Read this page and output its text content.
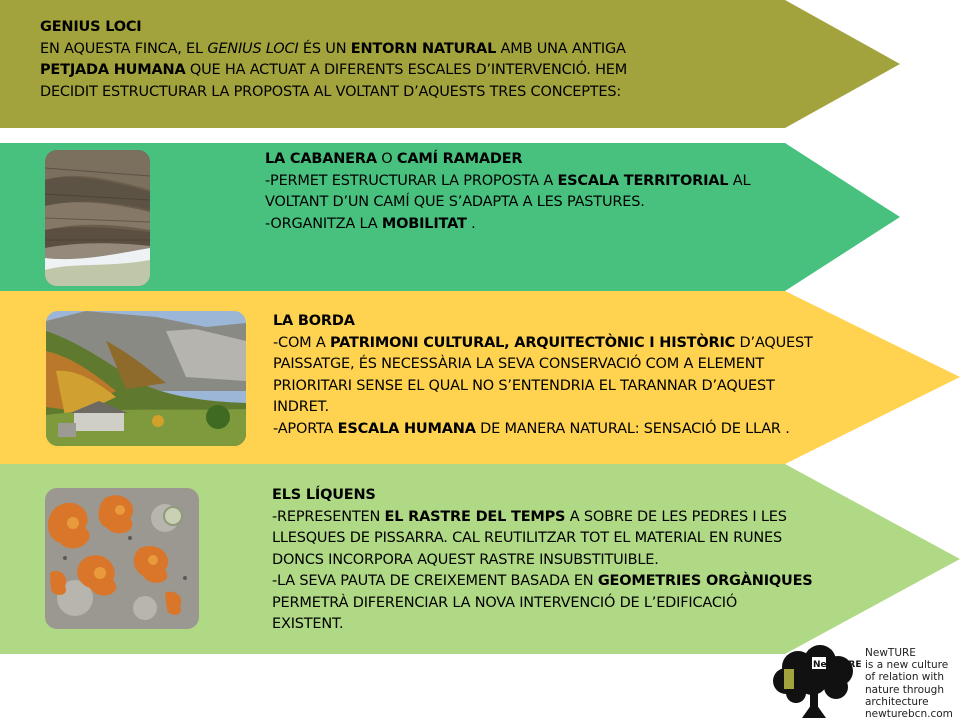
GENIUS LOCI
EN AQUESTA FINCA, EL GENIUS LOCI ÉS UN ENTORN NATURAL AMB UNA ANTIGA
PETJADA HUMANA QUE HA ACTUAT A DIFERENTS ESCALES D’INTERVENCIÓ. HEM
DECIDIT ESTRUCTURAR LA PROPOSTA AL VOLTANT D’AQUESTS TRES CONCEPTES:
LA CABANERA O CAMÍ RAMADER
-PERMET ESTRUCTURAR LA PROPOSTA A ESCALA TERRITORIAL AL
VOLTANT D’UN CAMÍ QUE S’ADAPTA A LES PASTURES.
-ORGANITZA LA MOBILITAT .
LA BORDA
-COM A PATRIMONI CULTURAL, ARQUITECTÒNIC I HISTÒRIC D’AQUEST
PAISSATGE, ÉS NECESSÀRIA LA SEVA CONSERVACIÓ COM A ELEMENT
PRIORITARI SENSE EL QUAL NO S’ENTENDRIA EL TARANNAR D’AQUEST
INDRET.
-APORTA ESCALA HUMANA DE MANERA NATURAL: SENSACIÓ DE LLAR .
ELS LÍQUENS
-REPRESENTEN EL RASTRE DEL TEMPS A SOBRE DE LES PEDRES I LES
LLESQUES DE PISSARRA. CAL REUTILITZAR TOT EL MATERIAL EN RUNES
DONCS INCORPORA AQUEST RASTRE INSUBSTITUIBLE.
-LA SEVA PAUTA DE CREIXEMENT BASADA EN GEOMETRIES ORGÀNIQUES
PERMETRÀ DIFERENCIAR LA NOVA INTERVENCIÓ DE L’EDIFICACIÓ
EXISTENT.
NewTURE
NewTURE
is a new culture
of relation with
nature through
architecture
newturebcn.com
